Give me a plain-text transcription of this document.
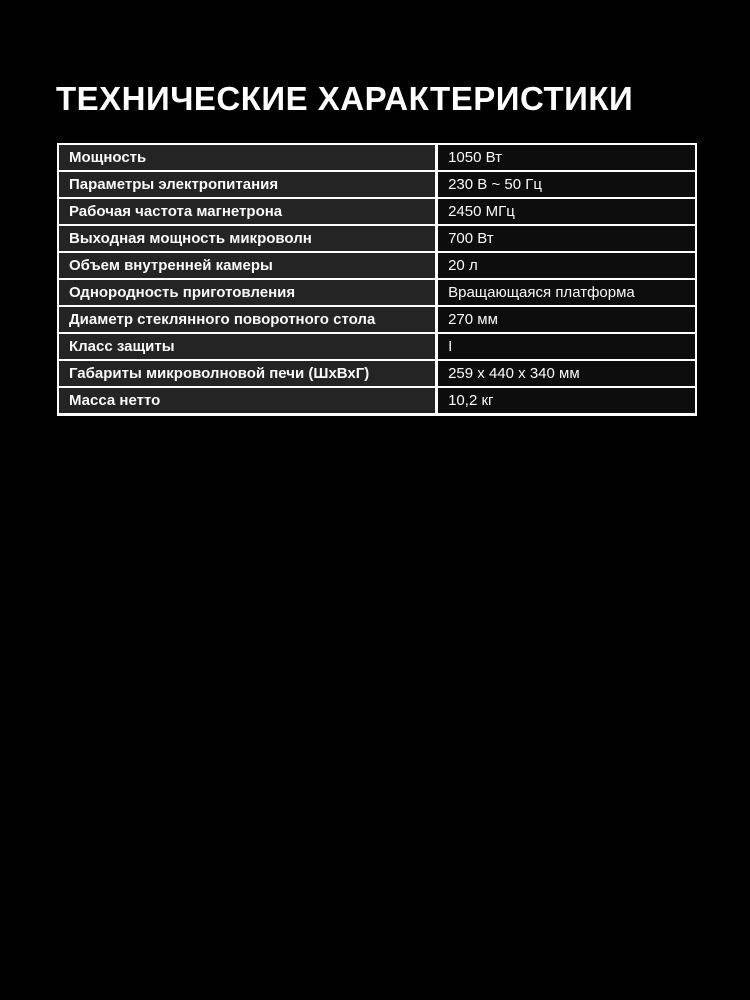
ТЕХНИЧЕСКИЕ ХАРАКТЕРИСТИКИ
Мощность	1050 Вт
Параметры электропитания	230 В ~ 50 Гц
Рабочая частота магнетрона	2450 МГц
Выходная мощность микроволн	700 Вт
Объем внутренней камеры	20 л
Однородность приготовления	Вращающаяся платформа
Диаметр стеклянного поворотного стола	270 мм
Класс защиты	I
Габариты микроволновой печи (ШхВхГ)	259 х 440 х 340 мм
Масса нетто	10,2 кг
